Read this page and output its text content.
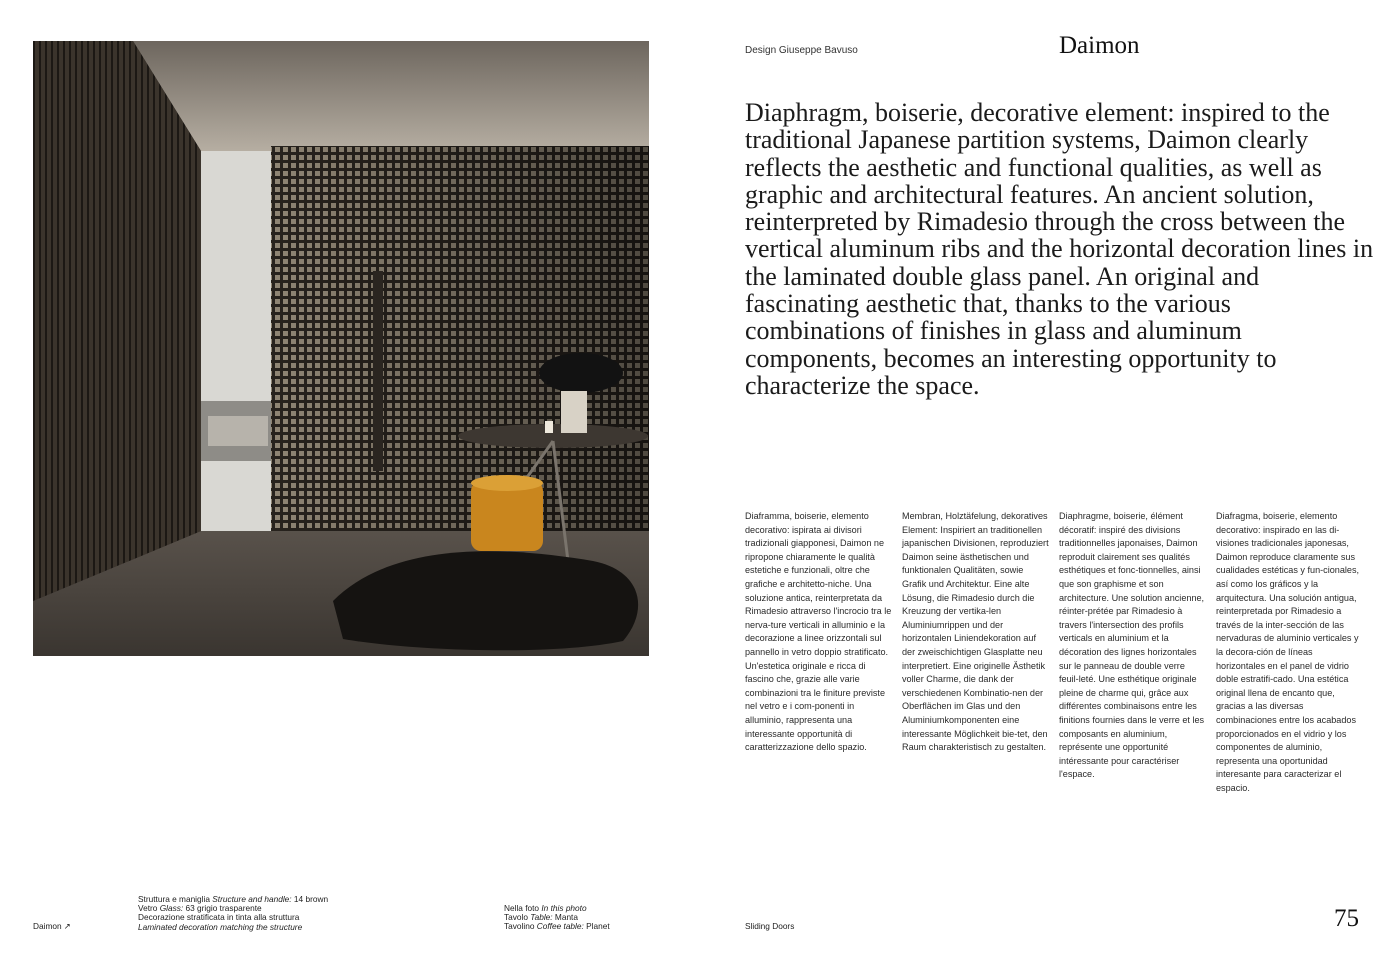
Design Giuseppe Bavuso	Daimon

Diaphragm, boiserie, decorative element: inspired to the traditional Japanese partition systems, Daimon clearly reflects the aesthetic and functional qualities, as well as graphic and architectural features. An ancient solution, reinterpreted by Rimadesio through the cross between the vertical aluminum ribs and the horizontal decoration lines in the laminated double glass panel. An original and fascinating aesthetic that, thanks to the various combinations of finishes in glass and aluminum components, becomes an interesting opportunity to characterize the space.

Diaframma, boiserie, elemento decorativo: ispirata ai divisori tradizionali giapponesi, Daimon ne ripropone chiaramente le qualità estetiche e funzionali, oltre che grafiche e architetto-niche. Una soluzione antica, reinterpretata da Rimadesio attraverso l'incrocio tra le nerva-ture verticali in alluminio e la decorazione a linee orizzontali sul pannello in vetro doppio stratificato. Un'estetica originale e ricca di fascino che, grazie alle varie combinazioni tra le finiture previste nel vetro e i com-ponenti in alluminio, rappresenta una interessante opportunità di caratterizzazione dello spazio.

Membran, Holztäfelung, dekoratives Element: Inspiriert an traditionellen japanischen Divisionen, reproduziert Daimon seine ästhetischen und funktionalen Qualitäten, sowie Grafik und Architektur. Eine alte Lösung, die Rimadesio durch die Kreuzung der vertika-len Aluminiumrippen und der horizontalen Liniendekoration auf der zweischichtigen Glasplatte neu interpretiert. Eine originelle Ästhetik voller Charme, die dank der verschiedenen Kombinatio-nen der Oberflächen im Glas und den Aluminiumkomponenten eine interessante Möglichkeit bie-tet, den Raum charakteristisch zu gestalten.

Diaphragme, boiserie, élément décoratif: inspiré des divisions traditionnelles japonaises, Daimon reproduit clairement ses qualités esthétiques et fonc-tionnelles, ainsi que son graphisme et son architecture. Une solution ancienne, réinter-prétée par Rimadesio à travers l'intersection des profils verticals en aluminium et la décoration des lignes horizontales sur le panneau de double verre feuil-leté. Une esthétique originale pleine de charme qui, grâce aux différentes combinaisons entre les finitions fournies dans le verre et les composants en aluminium, représente une opportunité intéressante pour caractériser l'espace.

Diafragma, boiserie, elemento decorativo: inspirado en las di-visiones tradicionales japonesas, Daimon reproduce claramente sus cualidades estéticas y fun-cionales, así como los gráficos y la arquitectura. Una solución antigua, reinterpretada por Rimadesio a través de la inter-sección de las nervaduras de aluminio verticales y la decora-ción de líneas horizontales en el panel de vidrio doble estratifi-cado. Una estética original llena de encanto que, gracias a las diversas combinaciones entre los acabados proporcionados en el vidrio y los componentes de aluminio, representa una oportunidad interesante para caracterizar el espacio.

Daimon ↗
Struttura e maniglia Structure and handle: 14 brown
Vetro Glass: 63 grigio trasparente
Decorazione stratificata in tinta alla struttura
Laminated decoration matching the structure
Nella foto In this photo
Tavolo Table: Manta
Tavolino Coffee table: Planet	Sliding Doors	75
